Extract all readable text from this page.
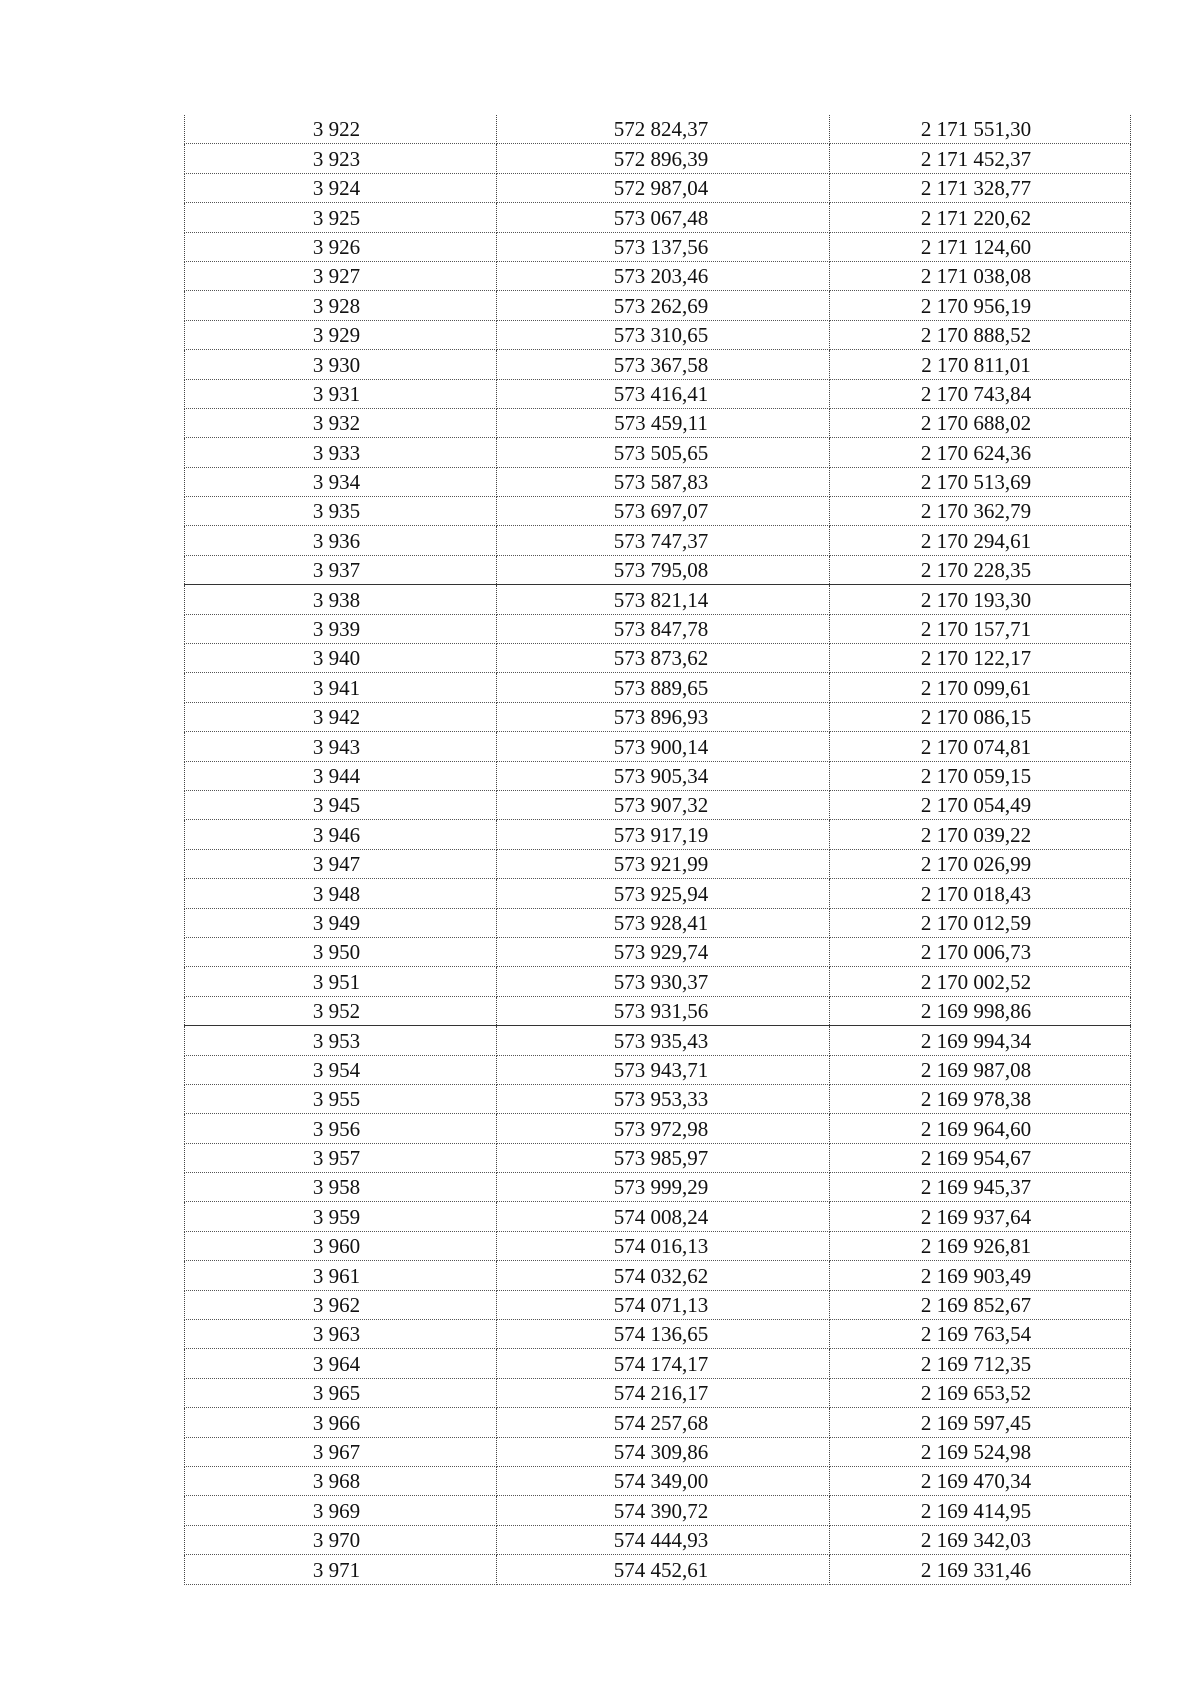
3 922	572 824,37	2 171 551,30
3 923	572 896,39	2 171 452,37
3 924	572 987,04	2 171 328,77
3 925	573 067,48	2 171 220,62
3 926	573 137,56	2 171 124,60
3 927	573 203,46	2 171 038,08
3 928	573 262,69	2 170 956,19
3 929	573 310,65	2 170 888,52
3 930	573 367,58	2 170 811,01
3 931	573 416,41	2 170 743,84
3 932	573 459,11	2 170 688,02
3 933	573 505,65	2 170 624,36
3 934	573 587,83	2 170 513,69
3 935	573 697,07	2 170 362,79
3 936	573 747,37	2 170 294,61
3 937	573 795,08	2 170 228,35
3 938	573 821,14	2 170 193,30
3 939	573 847,78	2 170 157,71
3 940	573 873,62	2 170 122,17
3 941	573 889,65	2 170 099,61
3 942	573 896,93	2 170 086,15
3 943	573 900,14	2 170 074,81
3 944	573 905,34	2 170 059,15
3 945	573 907,32	2 170 054,49
3 946	573 917,19	2 170 039,22
3 947	573 921,99	2 170 026,99
3 948	573 925,94	2 170 018,43
3 949	573 928,41	2 170 012,59
3 950	573 929,74	2 170 006,73
3 951	573 930,37	2 170 002,52
3 952	573 931,56	2 169 998,86
3 953	573 935,43	2 169 994,34
3 954	573 943,71	2 169 987,08
3 955	573 953,33	2 169 978,38
3 956	573 972,98	2 169 964,60
3 957	573 985,97	2 169 954,67
3 958	573 999,29	2 169 945,37
3 959	574 008,24	2 169 937,64
3 960	574 016,13	2 169 926,81
3 961	574 032,62	2 169 903,49
3 962	574 071,13	2 169 852,67
3 963	574 136,65	2 169 763,54
3 964	574 174,17	2 169 712,35
3 965	574 216,17	2 169 653,52
3 966	574 257,68	2 169 597,45
3 967	574 309,86	2 169 524,98
3 968	574 349,00	2 169 470,34
3 969	574 390,72	2 169 414,95
3 970	574 444,93	2 169 342,03
3 971	574 452,61	2 169 331,46
